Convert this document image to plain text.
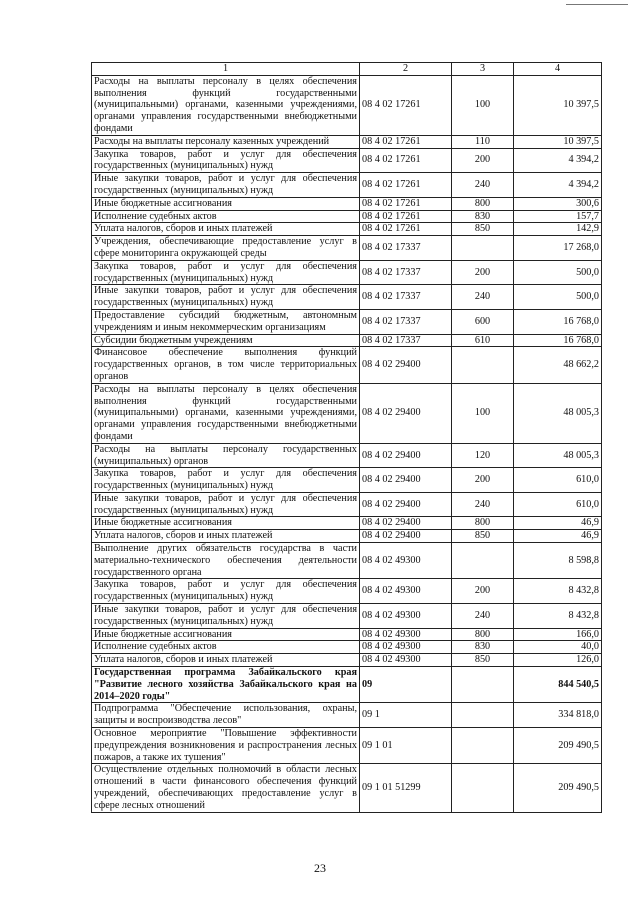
1	2	3	4
Расходы на выплаты персоналу в целях обеспечения выполнения функций государственными (муниципальными) органами, казенными учреждениями, органами управления государственными внебюджетными фондами	08 4 02 17261	100	10 397,5
Расходы на выплаты персоналу казенных учреждений	08 4 02 17261	110	10 397,5
Закупка товаров, работ и услуг для обеспечения государственных (муниципальных) нужд	08 4 02 17261	200	4 394,2
Иные закупки товаров, работ и услуг для обеспечения государственных (муниципальных) нужд	08 4 02 17261	240	4 394,2
Иные бюджетные ассигнования	08 4 02 17261	800	300,6
Исполнение судебных актов	08 4 02 17261	830	157,7
Уплата налогов, сборов и иных платежей	08 4 02 17261	850	142,9
Учреждения, обеспечивающие предоставление услуг в сфере мониторинга окружающей среды	08 4 02 17337		17 268,0
Закупка товаров, работ и услуг для обеспечения государственных (муниципальных) нужд	08 4 02 17337	200	500,0
Иные закупки товаров, работ и услуг для обеспечения государственных (муниципальных) нужд	08 4 02 17337	240	500,0
Предоставление субсидий бюджетным, автономным учреждениям и иным некоммерческим организациям	08 4 02 17337	600	16 768,0
Субсидии бюджетным учреждениям	08 4 02 17337	610	16 768,0
Финансовое обеспечение выполнения функций государственных органов, в том числе территориальных органов	08 4 02 29400		48 662,2
Расходы на выплаты персоналу в целях обеспечения выполнения функций государственными (муниципальными) органами, казенными учреждениями, органами управления государственными внебюджетными фондами	08 4 02 29400	100	48 005,3
Расходы на выплаты персоналу государственных (муниципальных) органов	08 4 02 29400	120	48 005,3
Закупка товаров, работ и услуг для обеспечения государственных (муниципальных) нужд	08 4 02 29400	200	610,0
Иные закупки товаров, работ и услуг для обеспечения государственных (муниципальных) нужд	08 4 02 29400	240	610,0
Иные бюджетные ассигнования	08 4 02 29400	800	46,9
Уплата налогов, сборов и иных платежей	08 4 02 29400	850	46,9
Выполнение других обязательств государства в части материально-технического обеспечения деятельности государственного органа	08 4 02 49300		8 598,8
Закупка товаров, работ и услуг для обеспечения государственных (муниципальных) нужд	08 4 02 49300	200	8 432,8
Иные закупки товаров, работ и услуг для обеспечения государственных (муниципальных) нужд	08 4 02 49300	240	8 432,8
Иные бюджетные ассигнования	08 4 02 49300	800	166,0
Исполнение судебных актов	08 4 02 49300	830	40,0
Уплата налогов, сборов и иных платежей	08 4 02 49300	850	126,0
Государственная программа Забайкальского края "Развитие лесного хозяйства Забайкальского края на 2014–2020 годы"	09		844 540,5
Подпрограмма "Обеспечение использования, охраны, защиты и воспроизводства лесов"	09 1		334 818,0
Основное мероприятие "Повышение эффективности предупреждения возникновения и распространения лесных пожаров, а также их тушения"	09 1 01		209 490,5
Осуществление отдельных полномочий в области лесных отношений в части финансового обеспечения функций учреждений, обеспечивающих предоставление услуг в сфере лесных отношений	09 1 01 51299		209 490,5
23
